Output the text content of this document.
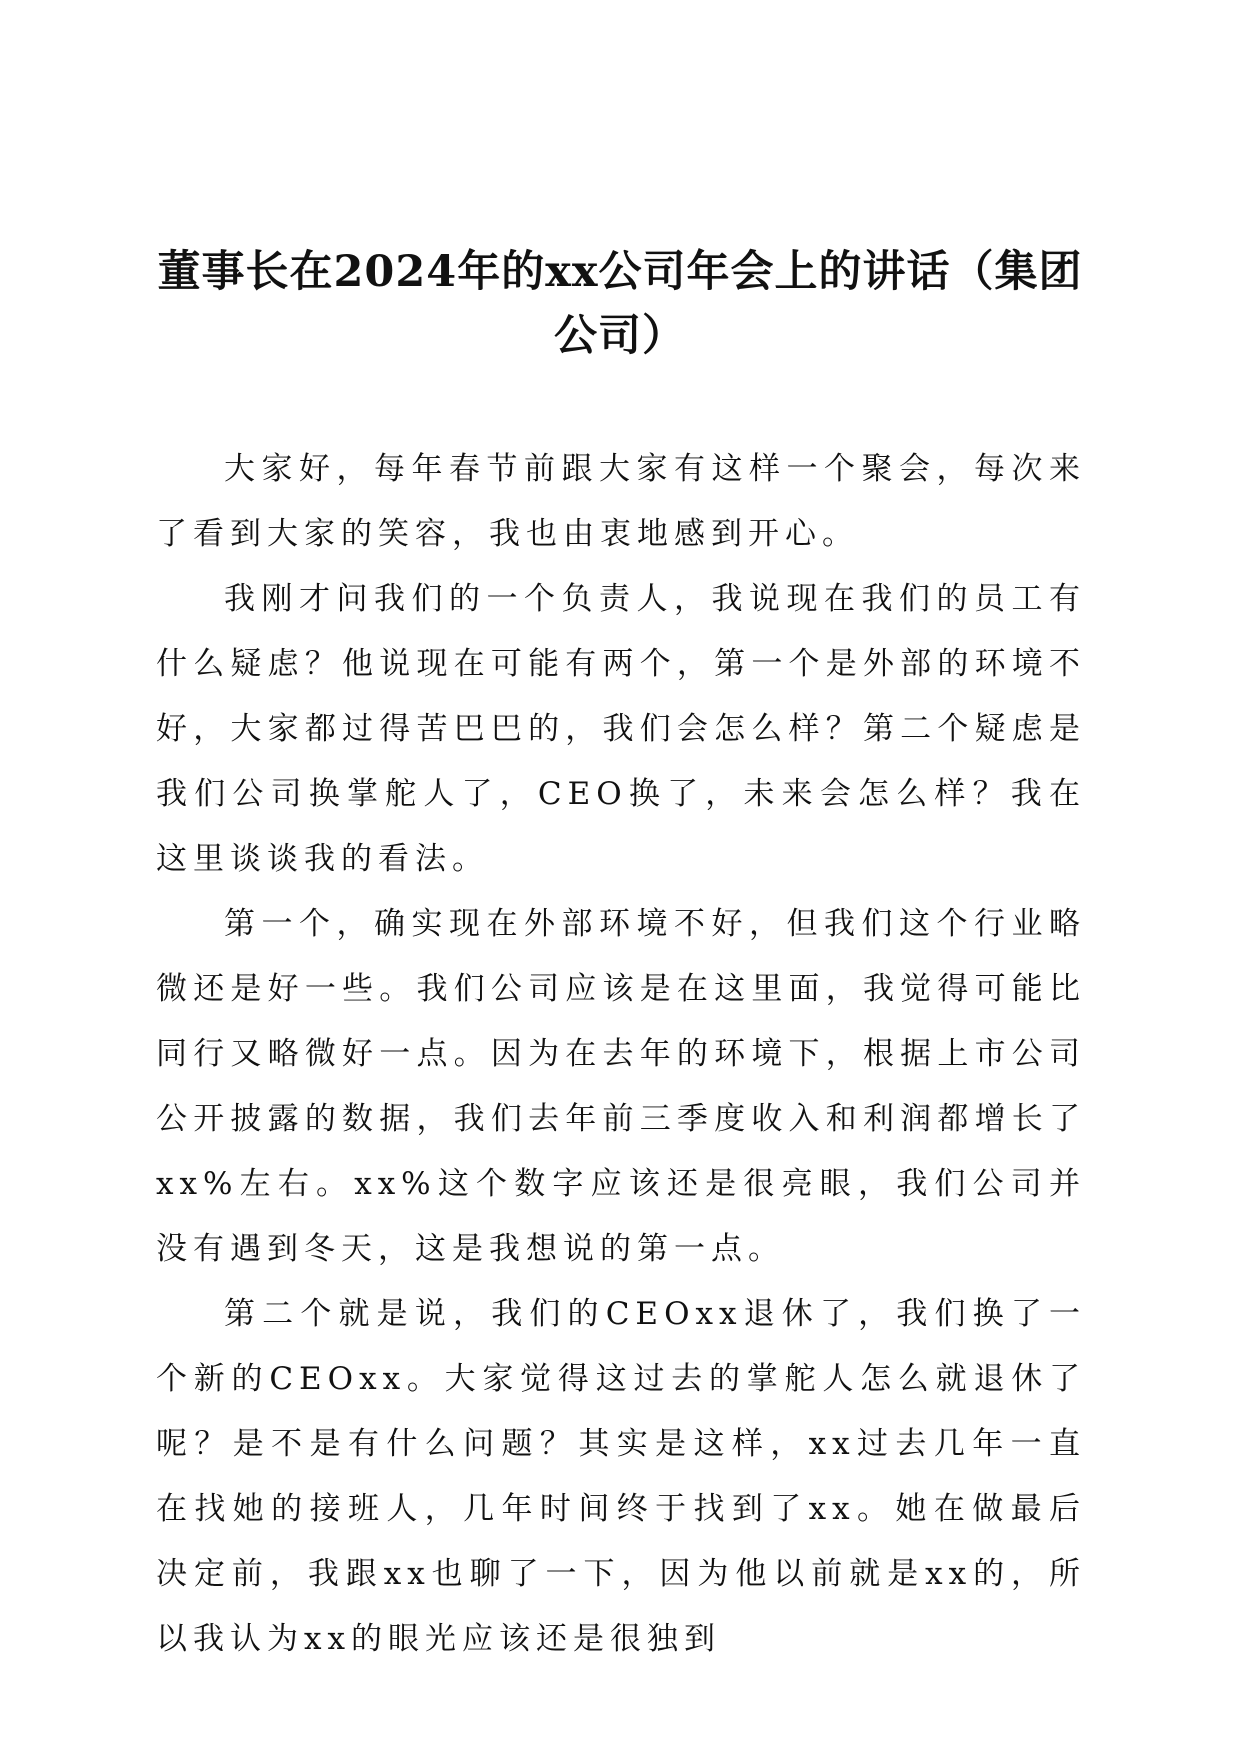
董事长在2024年的xx公司年会上的讲话（集团公司）

大家好，每年春节前跟大家有这样一个聚会，每次来了看到大家的笑容，我也由衷地感到开心。

我刚才问我们的一个负责人，我说现在我们的员工有什么疑虑？他说现在可能有两个，第一个是外部的环境不好，大家都过得苦巴巴的，我们会怎么样？第二个疑虑是我们公司换掌舵人了，CEO换了，未来会怎么样？我在这里谈谈我的看法。

第一个，确实现在外部环境不好，但我们这个行业略微还是好一些。我们公司应该是在这里面，我觉得可能比同行又略微好一点。因为在去年的环境下，根据上市公司公开披露的数据，我们去年前三季度收入和利润都增长了xx%左右。xx%这个数字应该还是很亮眼，我们公司并没有遇到冬天，这是我想说的第一点。

第二个就是说，我们的CEOxx退休了，我们换了一个新的CEOxx。大家觉得这过去的掌舵人怎么就退休了呢？是不是有什么问题？其实是这样，xx过去几年一直在找她的接班人，几年时间终于找到了xx。她在做最后决定前，我跟xx也聊了一下，因为他以前就是xx的，所以我认为xx的眼光应该还是很独到
